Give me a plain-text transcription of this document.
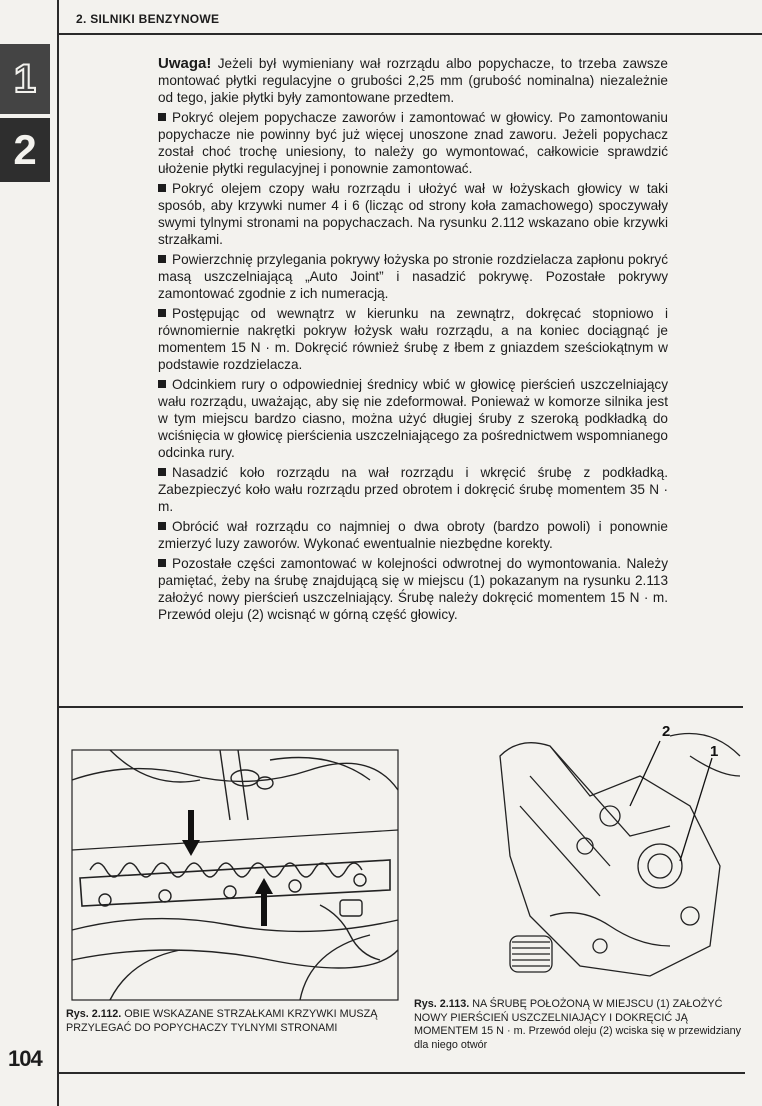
2. SILNIKI BENZYNOWE
1
2

Uwaga! Jeżeli był wymieniany wał rozrządu albo popychacze, to trzeba zawsze montować płytki regulacyjne o grubości 2,25 mm (grubość nominalna) niezależnie od tego, jakie płytki były zamontowane przedtem.

Pokryć olejem popychacze zaworów i zamontować w głowicy. Po zamontowaniu popychacze nie powinny być już więcej unoszone znad zaworu. Jeżeli popychacz został choć trochę uniesiony, to należy go wymontować, całkowicie sprawdzić ułożenie płytki regulacyjnej i ponownie zamontować.

Pokryć olejem czopy wału rozrządu i ułożyć wał w łożyskach głowicy w taki sposób, aby krzywki numer 4 i 6 (licząc od strony koła zamachowego) spoczywały swymi tylnymi stronami na popychaczach. Na rysunku 2.112 wskazano obie krzywki strzałkami.

Powierzchnię przylegania pokrywy łożyska po stronie rozdzielacza zapłonu pokryć masą uszczelniającą „Auto Joint” i nasadzić pokrywę. Pozostałe pokrywy zamontować zgodnie z ich numeracją.

Postępując od wewnątrz w kierunku na zewnątrz, dokręcać stopniowo i równomiernie nakrętki pokryw łożysk wału rozrządu, a na koniec dociągnąć je momentem 15 N · m. Dokręcić również śrubę z łbem z gniazdem sześciokątnym w podstawie rozdzielacza.

Odcinkiem rury o odpowiedniej średnicy wbić w głowicę pierścień uszczelniający wału rozrządu, uważając, aby się nie zdeformował. Ponieważ w komorze silnika jest w tym miejscu bardzo ciasno, można użyć długiej śruby z szeroką podkładką do wciśnięcia w głowicę pierścienia uszczelniającego za pośrednictwem wspomnianego odcinka rury.

Nasadzić koło rozrządu na wał rozrządu i wkręcić śrubę z podkładką. Zabezpieczyć koło wału rozrządu przed obrotem i dokręcić śrubę momentem 35 N · m.

Obrócić wał rozrządu co najmniej o dwa obroty (bardzo powoli) i ponownie zmierzyć luzy zaworów. Wykonać ewentualnie niezbędne korekty.

Pozostałe części zamontować w kolejności odwrotnej do wymontowania. Należy pamiętać, żeby na śrubę znajdującą się w miejscu (1) pokazanym na rysunku 2.113 założyć nowy pierścień uszczelniający. Śrubę należy dokręcić momentem 15 N · m. Przewód oleju (2) wcisnąć w górną część głowicy.

2
1
Rys. 2.112. OBIE WSKAZANE STRZAŁKAMI KRZYWKI MUSZĄ PRZYLEGAĆ DO POPYCHACZY TYLNYMI STRONAMI
Rys. 2.113. NA ŚRUBĘ POŁOŻONĄ W MIEJSCU (1) ZAŁOŻYĆ NOWY PIERŚCIEŃ USZCZELNIAJĄCY I DOKRĘCIĆ JĄ MOMENTEM 15 N · m. Przewód oleju (2) wciska się w przewidziany dla niego otwór
104
